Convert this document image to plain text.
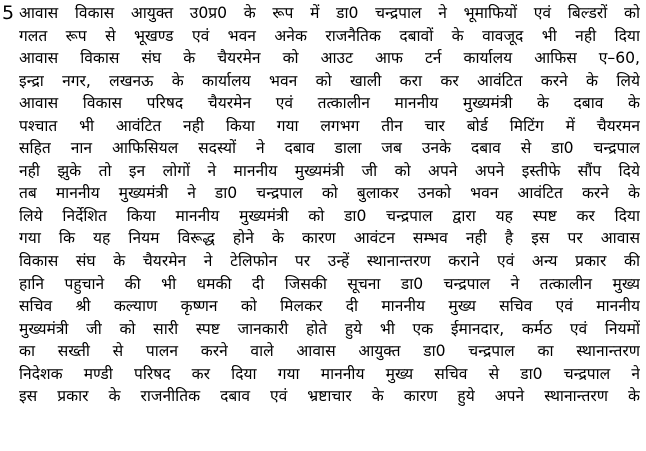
5 आवास विकास आयुक्त उ0प्र0 के रूप में डा0 चन्द्रपाल ने भूमाफियाें एवं बिल्डरों को
गलत रूप से भूखण्ड एवं भवन अनेक राजनैतिक दबावों के वावजूद भी नही दिया
आवास विकास संघ के चैयरमेन को आउट आफ टर्न कार्यालय आफिस ए–60,
इन्द्रा नगर, लखनऊ के कार्यालय भवन को खाली करा कर आवंटित करने के लिये
आवास विकास परिषद चैयरमेन एवं तत्कालीन माननीय मुख्यमंत्री के दबाव के
पश्चात भी आवंटित नही किया गया लगभग तीन चार बोर्ड मिटिंग में चैयरमन
सहित नान आफिसियल सदस्यों ने दबाव डाला जब उनके दबाव से डा0 चन्द्रपाल
नही झुके तो इन लोगों ने माननीय मुख्यमंत्री जी को अपने अपने इस्तीफे सौंप दिये
तब माननीय मुख्यमंत्री ने डा0 चन्द्रपाल को बुलाकर उनको भवन आवंटित करने के
लिये निर्देशित किया माननीय मुख्यमंत्री को डा0 चन्द्रपाल द्वारा यह स्पष्ट कर दिया
गया कि यह नियम विरूद्ध होने के कारण आवंटन सम्भव नही है इस पर आवास
विकास संघ के चैयरमेन ने टेलिफोन पर उन्हें स्थानान्तरण कराने एवं अन्य प्रकार की
हानि पहुचाने की भी धमकी दी जिसकी सूचना डा0 चन्द्रपाल ने तत्कालीन मुख्य
सचिव श्री कल्याण कृष्णन को मिलकर दी माननीय मुख्य सचिव एवं माननीय
मुख्यमंत्री जी को सारी स्पष्ट जानकारी होते हुये भी एक ईमानदार, कर्मठ एवं नियमों
का सख्ती से पालन करने वाले आवास आयुक्त डा0 चन्द्रपाल का स्थानान्तरण
निदेशक मण्डी परिषद कर दिया गया माननीय मुख्य सचिव से डा0 चन्द्रपाल ने
इस प्रकार के राजनीतिक दबाव एवं भ्रष्टाचार के कारण हुये अपने स्थानान्तरण के
